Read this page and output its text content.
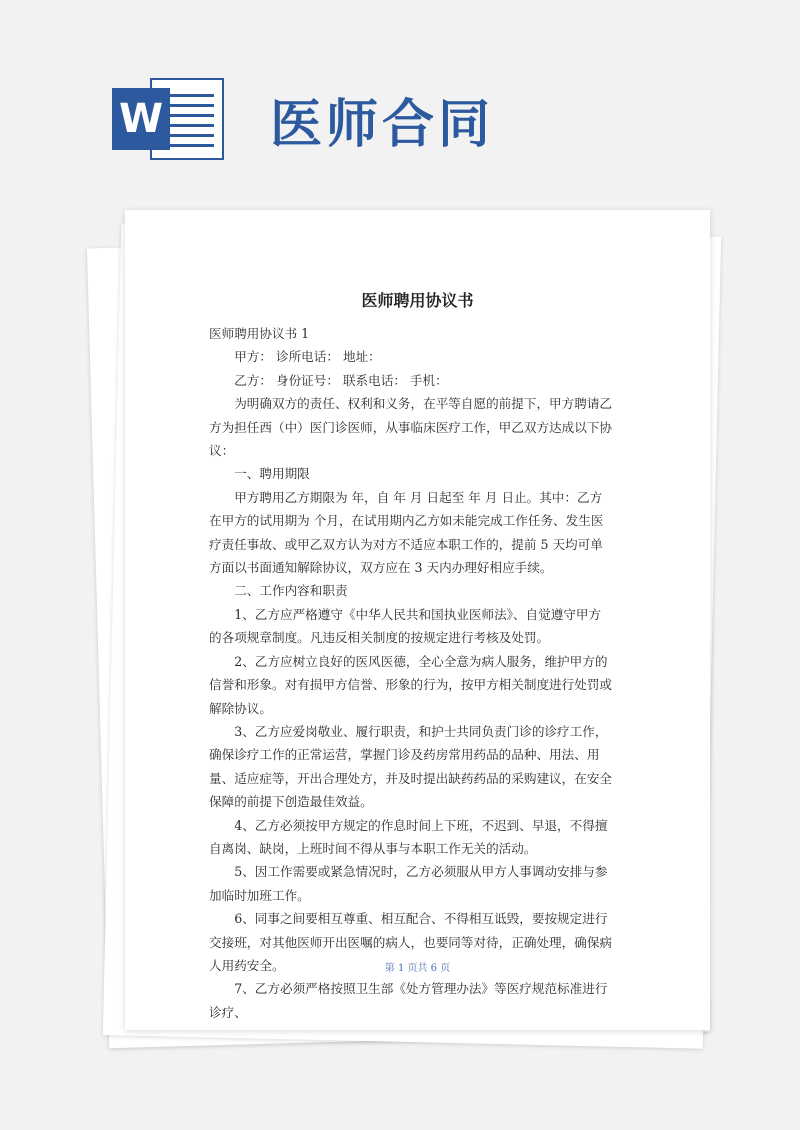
W 医师合同
医师聘用协议书

医师聘用协议书 1

甲方： 诊所电话： 地址：

乙方： 身份证号： 联系电话： 手机：

为明确双方的责任、权利和义务，在平等自愿的前提下，甲方聘请乙方为担任西（中）医门诊医师，从事临床医疗工作，甲乙双方达成以下协议：

一、聘用期限

甲方聘用乙方期限为 年，自 年 月 日起至 年 月 日止。其中：乙方在甲方的试用期为 个月，在试用期内乙方如未能完成工作任务、发生医疗责任事故、或甲乙双方认为对方不适应本职工作的，提前 5 天均可单方面以书面通知解除协议，双方应在 3 天内办理好相应手续。

二、工作内容和职责

1、乙方应严格遵守《中华人民共和国执业医师法》、自觉遵守甲方的各项规章制度。凡违反相关制度的按规定进行考核及处罚。

2、乙方应树立良好的医风医德，全心全意为病人服务，维护甲方的信誉和形象。对有损甲方信誉、形象的行为，按甲方相关制度进行处罚或解除协议。

3、乙方应爱岗敬业、履行职责，和护士共同负责门诊的诊疗工作，确保诊疗工作的正常运营，掌握门诊及药房常用药品的品种、用法、用量、适应症等，开出合理处方，并及时提出缺药药品的采购建议，在安全保障的前提下创造最佳效益。

4、乙方必须按甲方规定的作息时间上下班，不迟到、早退，不得擅自离岗、缺岗，上班时间不得从事与本职工作无关的活动。

5、因工作需要或紧急情况时，乙方必须服从甲方人事调动安排与参加临时加班工作。

6、同事之间要相互尊重、相互配合、不得相互诋毁，要按规定进行交接班，对其他医师开出医嘱的病人，也要同等对待，正确处理，确保病人用药安全。

7、乙方必须严格按照卫生部《处方管理办法》等医疗规范标准进行诊疗、

第 1 页共 6 页
